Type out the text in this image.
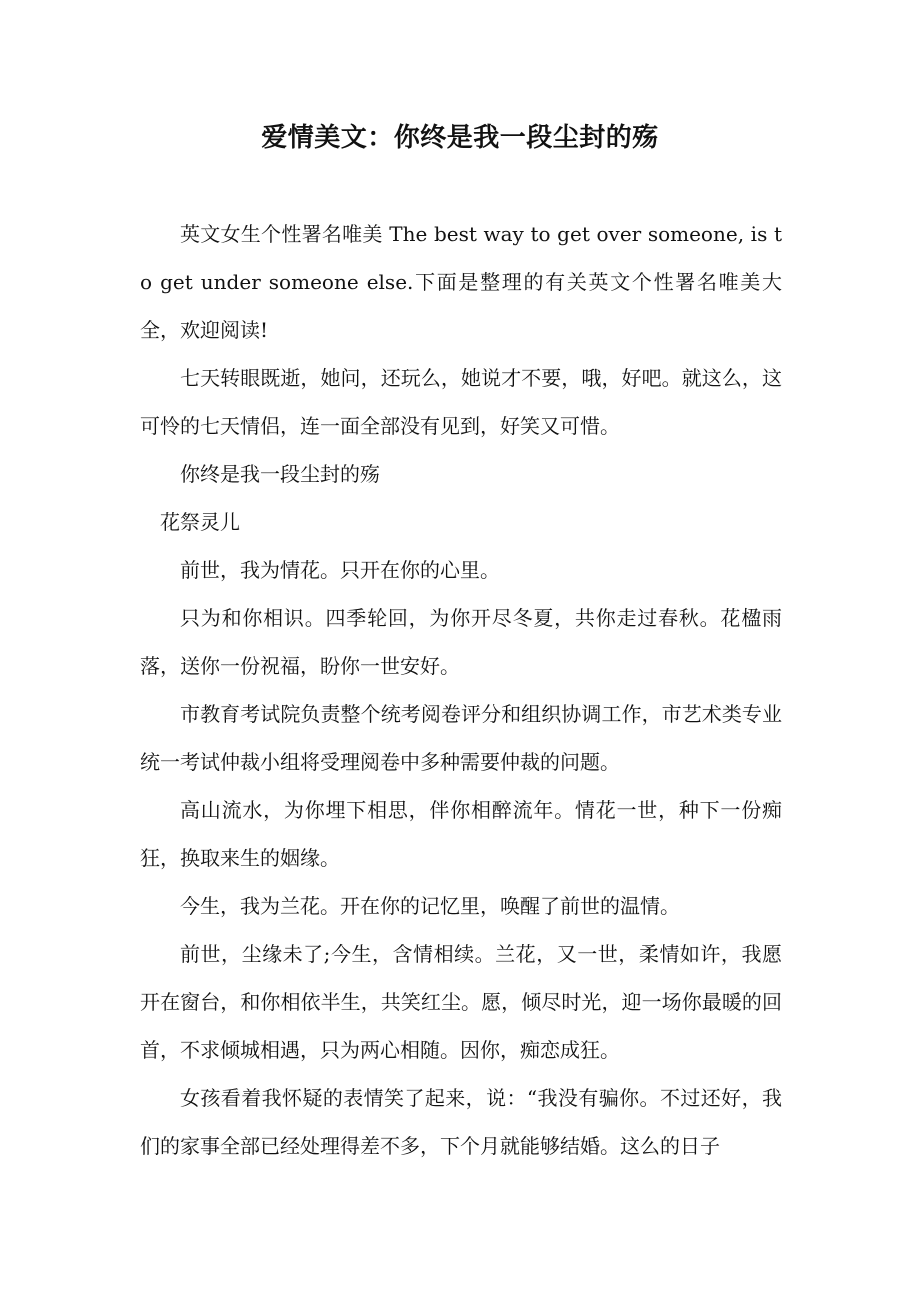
爱情美文：你终是我一段尘封的殇

英文女生个性署名唯美 The best way to get over someone, is to get under someone else.下面是整理的有关英文个性署名唯美大全，欢迎阅读!

七天转眼既逝，她问，还玩么，她说才不要，哦，好吧。就这么，这可怜的七天情侣，连一面全部没有见到，好笑又可惜。

你终是我一段尘封的殇

花祭灵儿

前世，我为情花。只开在你的心里。

只为和你相识。四季轮回，为你开尽冬夏，共你走过春秋。花楹雨落，送你一份祝福，盼你一世安好。

市教育考试院负责整个统考阅卷评分和组织协调工作，市艺术类专业统一考试仲裁小组将受理阅卷中多种需要仲裁的问题。

高山流水，为你埋下相思，伴你相醉流年。情花一世，种下一份痴狂，换取来生的姻缘。

今生，我为兰花。开在你的记忆里，唤醒了前世的温情。

前世，尘缘未了;今生，含情相续。兰花，又一世，柔情如许，我愿开在窗台，和你相依半生，共笑红尘。愿，倾尽时光，迎一场你最暖的回首，不求倾城相遇，只为两心相随。因你，痴恋成狂。

女孩看着我怀疑的表情笑了起来，说：“我没有骗你。不过还好，我们的家事全部已经处理得差不多，下个月就能够结婚。这么的日子
